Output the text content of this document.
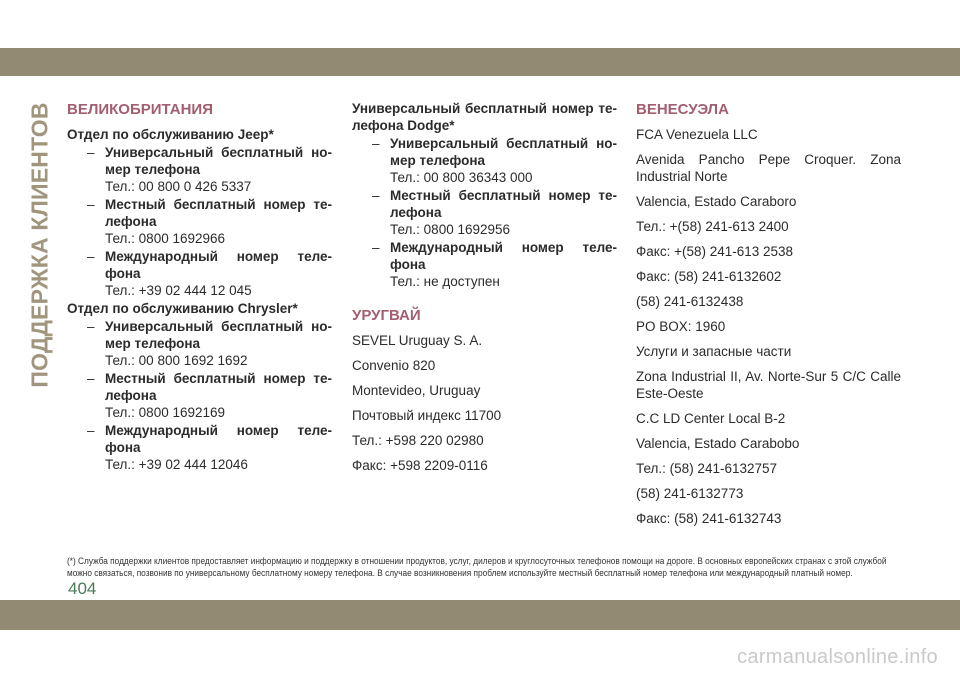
ПОДДЕРЖКА КЛИЕНТОВ ВЕЛИКОБРИТАНИЯ
Отдел по обслуживанию Jeep*
– Универсальный бесплатный номер телефона
Тел.: 00 800 0 426 5337
– Местный бесплатный номер телефона
Тел.: 0800 1692966
– Международный номер телефона
Тел.: +39 02 444 12 045
Отдел по обслуживанию Chrysler*
– Универсальный бесплатный номер телефона
Тел.: 00 800 1692 1692
– Местный бесплатный номер телефона
Тел.: 0800 1692169
– Международный номер телефона
Тел.: +39 02 444 12046
Универсальный бесплатный номер телефона Dodge*
– Универсальный бесплатный номер телефона
Тел.: 00 800 36343 000
– Местный бесплатный номер телефона
Тел.: 0800 1692956
– Международный номер телефона
Тел.: не доступен
УРУГВАЙ

SEVEL Uruguay S. A.

Convenio 820

Montevideo, Uruguay

Почтовый индекс 11700

Тел.: +598 220 02980

Факс: +598 2209-0116

ВЕНЕСУЭЛА

FCA Venezuela LLC

Avenida Pancho Pepe Croquer. Zona Industrial Norte

Valencia, Estado Caraboro

Тел.: +(58) 241-613 2400

Факс: +(58) 241-613 2538

Факс: (58) 241-6132602

(58) 241-6132438

PO BOX: 1960

Услуги и запасные части

Zona Industrial II, Av. Norte-Sur 5 C/C Calle Este-Oeste

C.C LD Center Local B-2

Valencia, Estado Carabobo

Тел.: (58) 241-6132757

(58) 241-6132773

Факс: (58) 241-6132743

(*) Служба поддержки клиентов предоставляет информацию и поддержку в отношении продуктов, услуг, дилеров и круглосуточных телефонов помощи на дороге. В основных европейских странах с этой службой можно связаться, позвонив по универсальному бесплатному номеру телефона. В случае возникновения проблем используйте местный бесплатный номер телефона или международный платный номер.
404
carmanualsonline.info
